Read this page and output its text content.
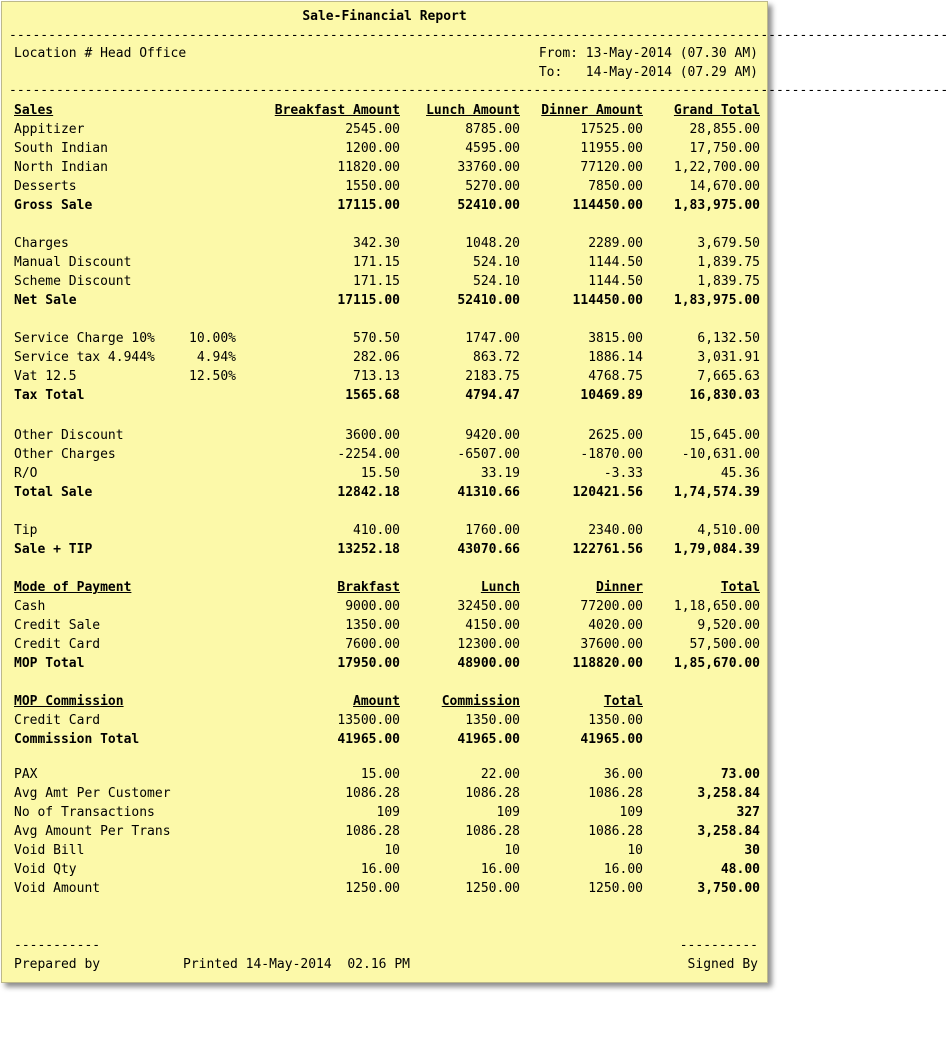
Sale-Financial Report
------------------------------------------------------------------------------------------------------------------------

Location # Head Office

	From: 13-May-2014 (07.30 AM)

To:   14-May-2014 (07.29 AM)

------------------------------------------------------------------------------------------------------------------------
Sales	Breakfast Amount	Lunch Amount	Dinner Amount	Grand Total
Appitizer	2545.00	8785.00	17525.00	28,855.00
South Indian	1200.00	4595.00	11955.00	17,750.00
North Indian	11820.00	33760.00	77120.00	1,22,700.00
Desserts	1550.00	5270.00	7850.00	14,670.00
Gross Sale	17115.00	52410.00	114450.00	1,83,975.00
Charges	342.30	1048.20	2289.00	3,679.50
Manual Discount	171.15	524.10	1144.50	1,839.75
Scheme Discount	171.15	524.10	1144.50	1,839.75
Net Sale	17115.00	52410.00	114450.00	1,83,975.00
Service Charge 10%	10.00%	570.50	1747.00	3815.00	6,132.50
Service tax 4.944%	4.94%	282.06	863.72	1886.14	3,031.91
Vat 12.5	12.50%	713.13	2183.75	4768.75	7,665.63
Tax Total	1565.68	4794.47	10469.89	16,830.03
Other Discount	3600.00	9420.00	2625.00	15,645.00
Other Charges	-2254.00	-6507.00	-1870.00	-10,631.00
R/O	15.50	33.19	-3.33	45.36
Total Sale	12842.18	41310.66	120421.56	1,74,574.39
Tip	410.00	1760.00	2340.00	4,510.00
Sale + TIP	13252.18	43070.66	122761.56	1,79,084.39
Mode of Payment	Brakfast	Lunch	Dinner	Total
Cash	9000.00	32450.00	77200.00	1,18,650.00
Credit Sale	1350.00	4150.00	4020.00	9,520.00
Credit Card	7600.00	12300.00	37600.00	57,500.00
MOP Total	17950.00	48900.00	118820.00	1,85,670.00
MOP Commission	Amount	Commission	Total
Credit Card	13500.00	1350.00	1350.00
Commission Total	41965.00	41965.00	41965.00
PAX	15.00	22.00	36.00	73.00
Avg Amt Per Customer	1086.28	1086.28	1086.28	3,258.84
No of Transactions	109	109	109	327
Avg Amount Per Trans	1086.28	1086.28	1086.28	3,258.84
Void Bill	10	10	10	30
Void Qty	16.00	16.00	16.00	48.00
Void Amount	1250.00	1250.00	1250.00	3,750.00

-----------

	----------

Prepared by

	Printed 14-May-2014  02.16 PM

	Signed By
